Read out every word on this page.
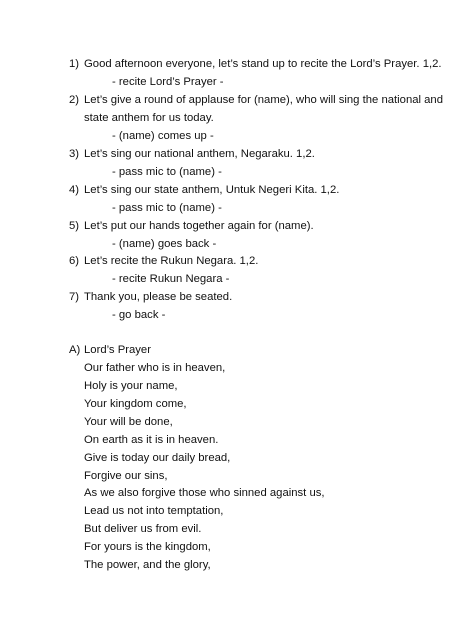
1) Good afternoon everyone, let’s stand up to recite the Lord’s Prayer. 1,2.
- recite Lord’s Prayer -
2) Let’s give a round of applause for (name), who will sing the national and
state anthem for us today.
- (name) comes up -
3) Let’s sing our national anthem, Negaraku. 1,2.
- pass mic to (name) -
4) Let’s sing our state anthem, Untuk Negeri Kita. 1,2.
- pass mic to (name) -
5) Let’s put our hands together again for (name).
- (name) goes back -
6) Let’s recite the Rukun Negara. 1,2.
- recite Rukun Negara -
7) Thank you, please be seated.
- go back -
A) Lord’s Prayer
Our father who is in heaven,
Holy is your name,
Your kingdom come,
Your will be done,
On earth as it is in heaven.
Give is today our daily bread,
Forgive our sins,
As we also forgive those who sinned against us,
Lead us not into temptation,
But deliver us from evil.
For yours is the kingdom,
The power, and the glory,
